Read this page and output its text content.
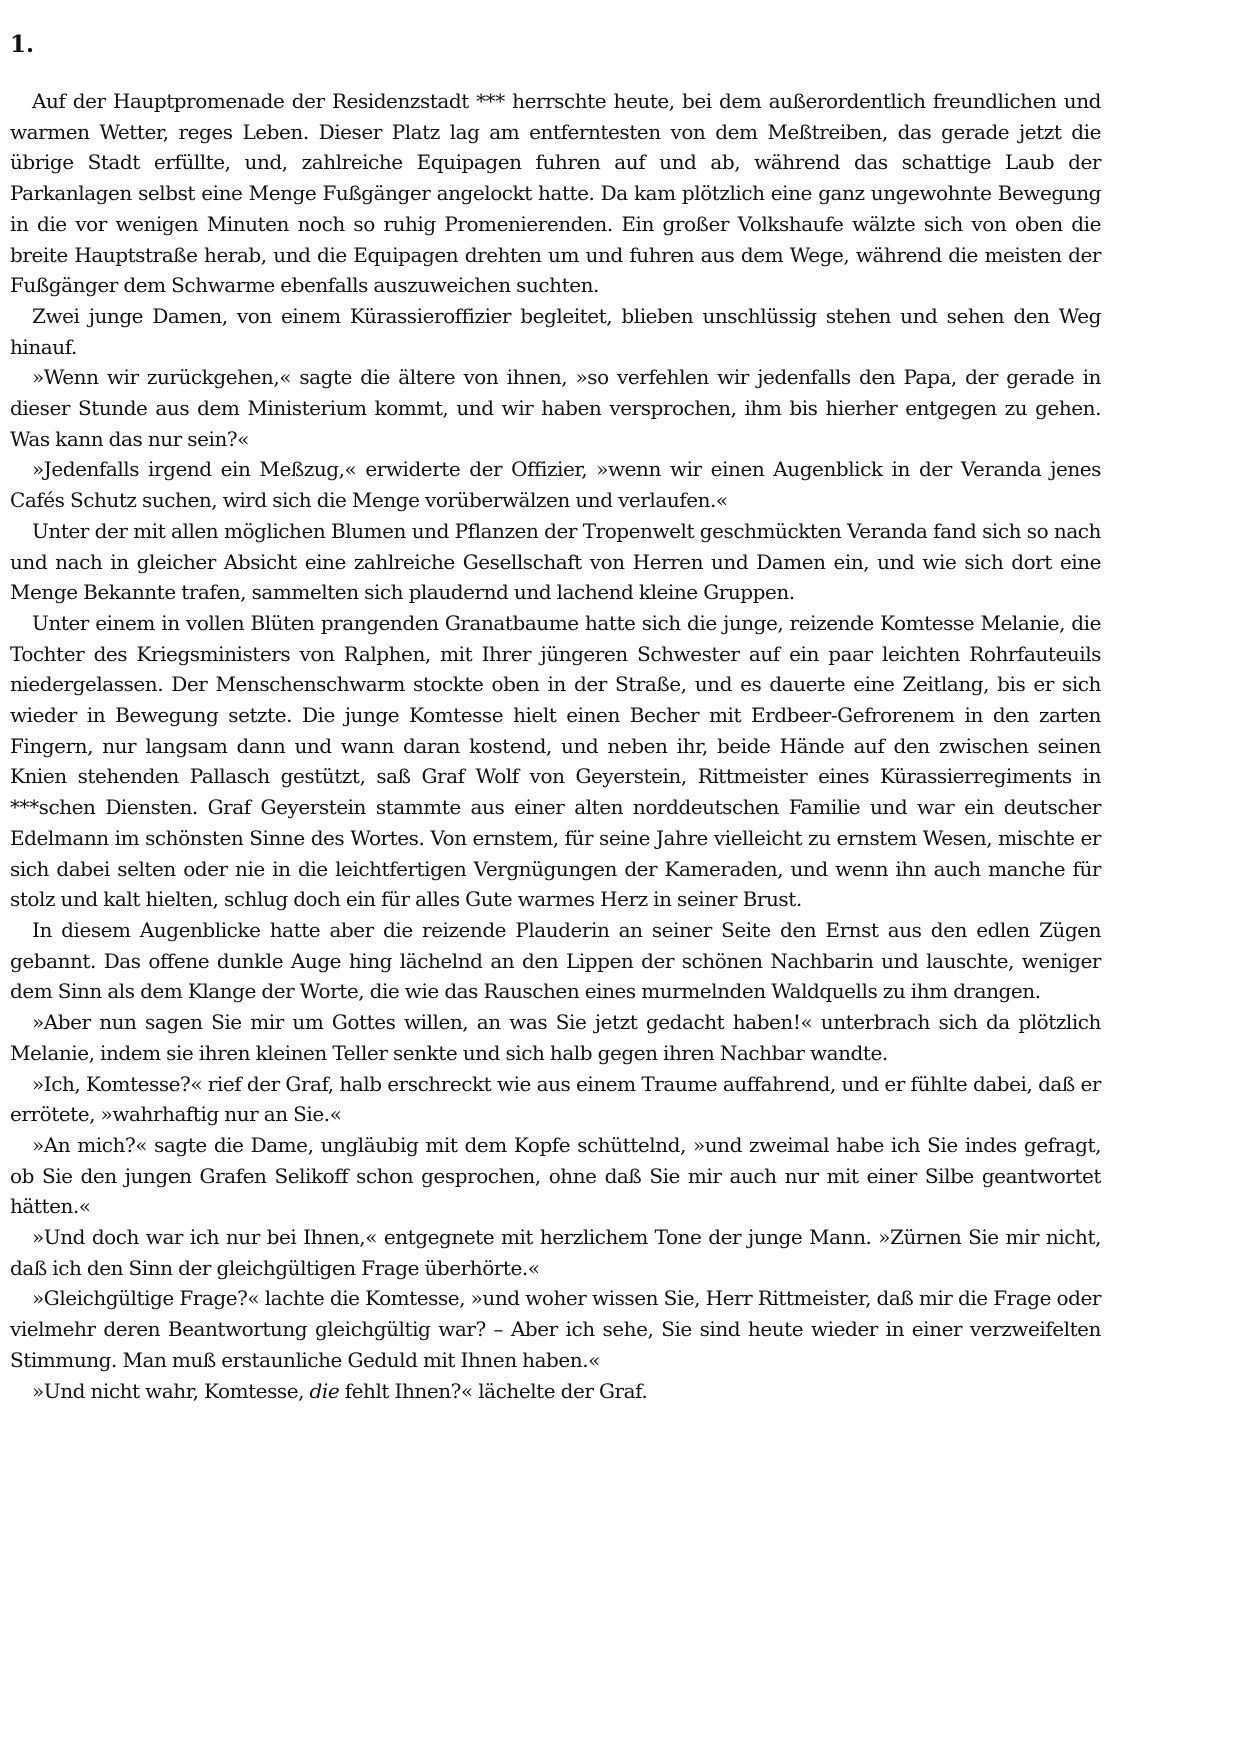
1.

Auf der Hauptpromenade der Residenzstadt *** herrschte heute, bei dem außerordentlich freundlichen und warmen Wetter, reges Leben. Dieser Platz lag am entferntesten von dem Meßtreiben, das gerade jetzt die übrige Stadt erfüllte, und, zahlreiche Equipagen fuhren auf und ab, während das schattige Laub der Parkanlagen selbst eine Menge Fußgänger angelockt hatte. Da kam plötzlich eine ganz ungewohnte Bewegung in die vor wenigen Minuten noch so ruhig Promenierenden. Ein großer Volkshaufe wälzte sich von oben die breite Hauptstraße herab, und die Equipagen drehten um und fuhren aus dem Wege, während die meisten der Fußgänger dem Schwarme ebenfalls auszuweichen suchten.

Zwei junge Damen, von einem Kürassieroffizier begleitet, blieben unschlüssig stehen und sehen den Weg hinauf.

»Wenn wir zurückgehen,« sagte die ältere von ihnen, »so verfehlen wir jedenfalls den Papa, der gerade in dieser Stunde aus dem Ministerium kommt, und wir haben versprochen, ihm bis hierher entgegen zu gehen. Was kann das nur sein?«

»Jedenfalls irgend ein Meßzug,« erwiderte der Offizier, »wenn wir einen Augenblick in der Veranda jenes Cafés Schutz suchen, wird sich die Menge vorüberwälzen und verlaufen.«

Unter der mit allen möglichen Blumen und Pflanzen der Tropenwelt geschmückten Veranda fand sich so nach und nach in gleicher Absicht eine zahlreiche Gesellschaft von Herren und Damen ein, und wie sich dort eine Menge Bekannte trafen, sammelten sich plaudernd und lachend kleine Gruppen.

Unter einem in vollen Blüten prangenden Granatbaume hatte sich die junge, reizende Komtesse Melanie, die Tochter des Kriegsministers von Ralphen, mit Ihrer jüngeren Schwester auf ein paar leichten Rohrfauteuils niedergelassen. Der Menschenschwarm stockte oben in der Straße, und es dauerte eine Zeitlang, bis er sich wieder in Bewegung setzte. Die junge Komtesse hielt einen Becher mit Erdbeer-Gefrorenem in den zarten Fingern, nur langsam dann und wann daran kostend, und neben ihr, beide Hände auf den zwischen seinen Knien stehenden Pallasch gestützt, saß Graf Wolf von Geyerstein, Rittmeister eines Kürassierregiments in ***schen Diensten. Graf Geyerstein stammte aus einer alten norddeutschen Familie und war ein deutscher Edelmann im schönsten Sinne des Wortes. Von ernstem, für seine Jahre vielleicht zu ernstem Wesen, mischte er sich dabei selten oder nie in die leichtfertigen Vergnügungen der Kameraden, und wenn ihn auch manche für stolz und kalt hielten, schlug doch ein für alles Gute warmes Herz in seiner Brust.

In diesem Augenblicke hatte aber die reizende Plauderin an seiner Seite den Ernst aus den edlen Zügen gebannt. Das offene dunkle Auge hing lächelnd an den Lippen der schönen Nachbarin und lauschte, weniger dem Sinn als dem Klange der Worte, die wie das Rauschen eines murmelnden Waldquells zu ihm drangen.

»Aber nun sagen Sie mir um Gottes willen, an was Sie jetzt gedacht haben!« unterbrach sich da plötzlich Melanie, indem sie ihren kleinen Teller senkte und sich halb gegen ihren Nachbar wandte.

»Ich, Komtesse?« rief der Graf, halb erschreckt wie aus einem Traume auffahrend, und er fühlte dabei, daß er errötete, »wahrhaftig nur an Sie.«

»An mich?« sagte die Dame, ungläubig mit dem Kopfe schüttelnd, »und zweimal habe ich Sie indes gefragt, ob Sie den jungen Grafen Selikoff schon gesprochen, ohne daß Sie mir auch nur mit einer Silbe geantwortet hätten.«

»Und doch war ich nur bei Ihnen,« entgegnete mit herzlichem Tone der junge Mann. »Zürnen Sie mir nicht, daß ich den Sinn der gleichgültigen Frage überhörte.«

»Gleichgültige Frage?« lachte die Komtesse, »und woher wissen Sie, Herr Rittmeister, daß mir die Frage oder vielmehr deren Beantwortung gleichgültig war? – Aber ich sehe, Sie sind heute wieder in einer verzweifelten Stimmung. Man muß erstaunliche Geduld mit Ihnen haben.«

»Und nicht wahr, Komtesse, die fehlt Ihnen?« lächelte der Graf.
